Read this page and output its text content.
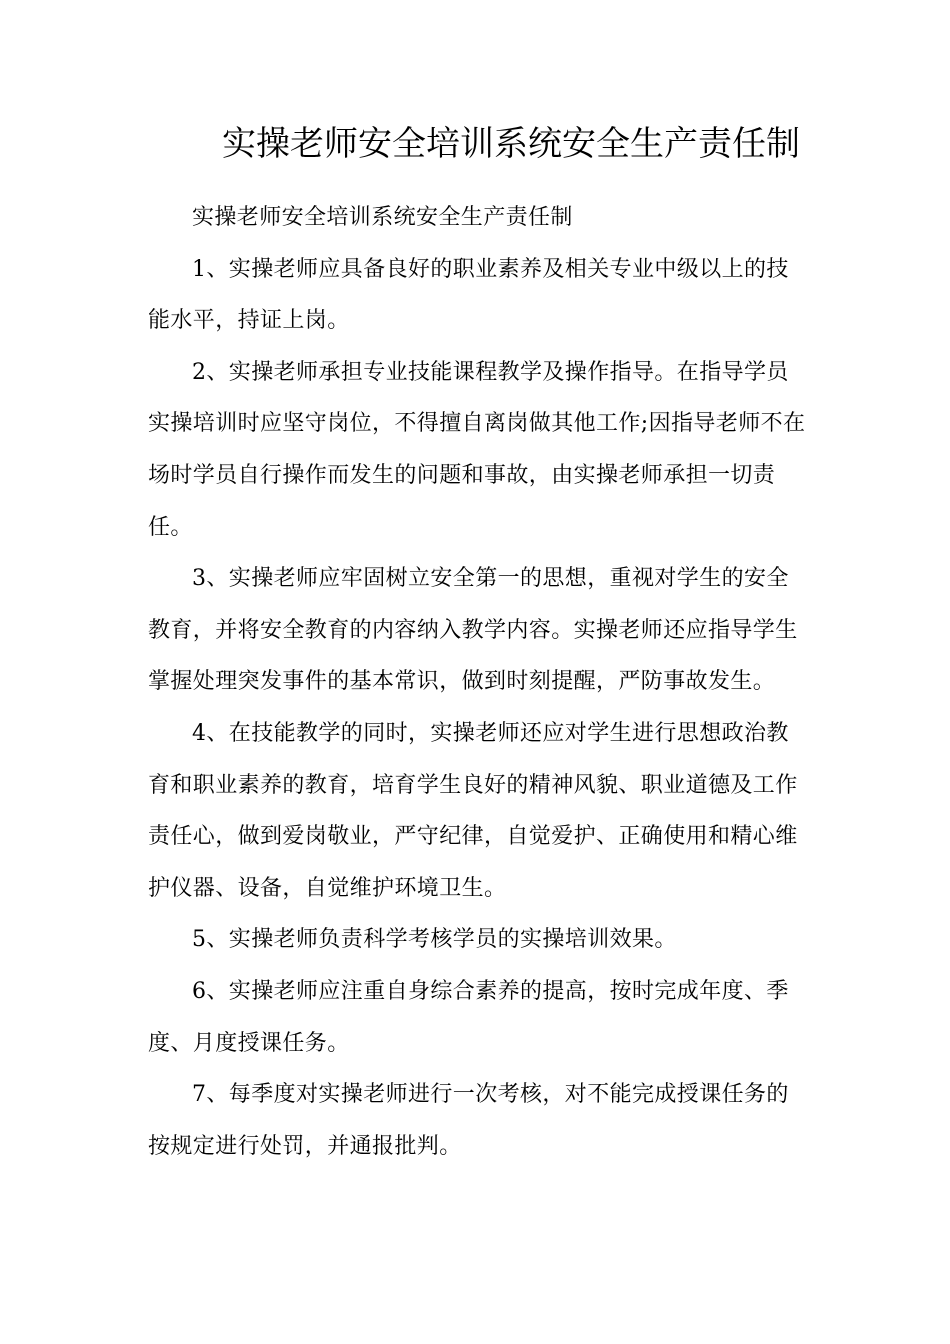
实操老师安全培训系统安全生产责任制

实操老师安全培训系统安全生产责任制

1、实操老师应具备良好的职业素养及相关专业中级以上的技能水平，持证上岗。

2、实操老师承担专业技能课程教学及操作指导。在指导学员实操培训时应坚守岗位，不得擅自离岗做其他工作;因指导老师不在场时学员自行操作而发生的问题和事故，由实操老师承担一切责任。

3、实操老师应牢固树立安全第一的思想，重视对学生的安全教育，并将安全教育的内容纳入教学内容。实操老师还应指导学生掌握处理突发事件的基本常识，做到时刻提醒，严防事故发生。

4、在技能教学的同时，实操老师还应对学生进行思想政治教育和职业素养的教育，培育学生良好的精神风貌、职业道德及工作责任心，做到爱岗敬业，严守纪律，自觉爱护、正确使用和精心维护仪器、设备，自觉维护环境卫生。

5、实操老师负责科学考核学员的实操培训效果。

6、实操老师应注重自身综合素养的提高，按时完成年度、季度、月度授课任务。

7、每季度对实操老师进行一次考核，对不能完成授课任务的按规定进行处罚，并通报批判。
